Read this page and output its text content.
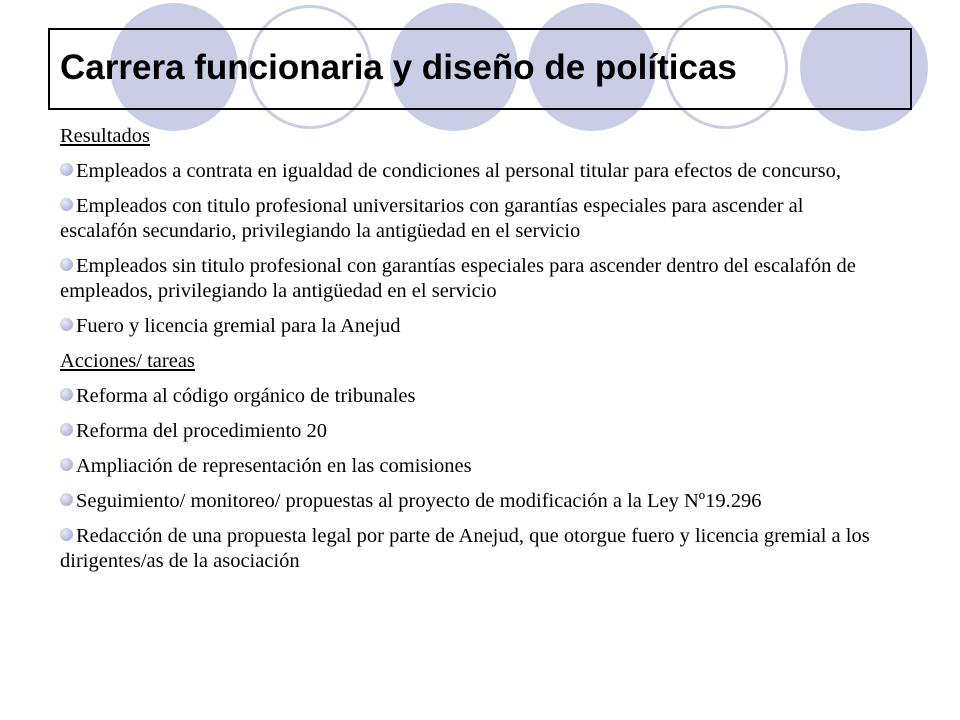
Carrera funcionaria y diseño de políticas
Resultados
Empleados a contrata en igualdad de condiciones al personal titular para efectos de concurso,
Empleados con titulo profesional universitarios con garantías especiales para ascender al escalafón secundario, privilegiando la antigüedad en el servicio
Empleados sin titulo profesional con garantías especiales para ascender dentro del escalafón de empleados, privilegiando la antigüedad en el servicio
Fuero y licencia gremial para la Anejud
Acciones/ tareas
Reforma al código orgánico de tribunales
Reforma del procedimiento 20
Ampliación de representación en las comisiones
Seguimiento/ monitoreo/ propuestas al proyecto de modificación a la Ley Nº19.296
Redacción de una propuesta legal por parte de Anejud, que otorgue fuero y licencia gremial a los dirigentes/as de la asociación
